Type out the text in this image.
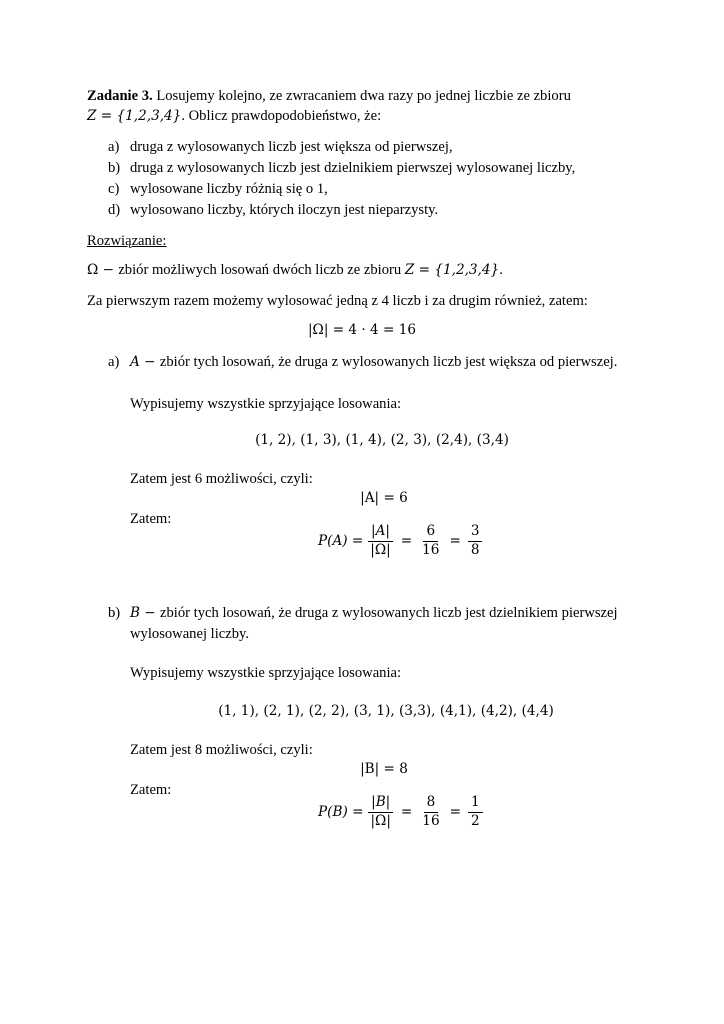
Zadanie 3. Losujemy kolejno, ze zwracaniem dwa razy po jednej liczbie ze zbioru
Z = {1,2,3,4}. Oblicz prawdopodobieństwo, że:
a) druga z wylosowanych liczb jest większa od pierwszej,
b) druga z wylosowanych liczb jest dzielnikiem pierwszej wylosowanej liczby,
c) wylosowane liczby różnią się o 1,
d) wylosowano liczby, których iloczyn jest nieparzysty.
Rozwiązanie:
Ω − zbiór możliwych losowań dwóch liczb ze zbioru Z = {1,2,3,4}.
Za pierwszym razem możemy wylosować jedną z 4 liczb i za drugim również, zatem:
|Ω| = 4 · 4 = 16
a) A − zbiór tych losowań, że druga z wylosowanych liczb jest większa od pierwszej.
Wypisujemy wszystkie sprzyjające losowania:
(1, 2), (1, 3), (1, 4), (2, 3), (2,4), (3,4)
Zatem jest 6 możliwości, czyli:
|A| = 6
Zatem:
$P(A) = \frac{|A|}{|\Omega|} = \frac{6}{16} = \frac{3}{8}$
b) B − zbiór tych losowań, że druga z wylosowanych liczb jest dzielnikiem pierwszej
wylosowanej liczby.
Wypisujemy wszystkie sprzyjające losowania:
(1, 1), (2, 1), (2, 2), (3, 1), (3,3), (4,1), (4,2), (4,4)
Zatem jest 8 możliwości, czyli:
|B| = 8
Zatem:
$P(B) = \frac{|B|}{|\Omega|} = \frac{8}{16} = \frac{1}{2}$
